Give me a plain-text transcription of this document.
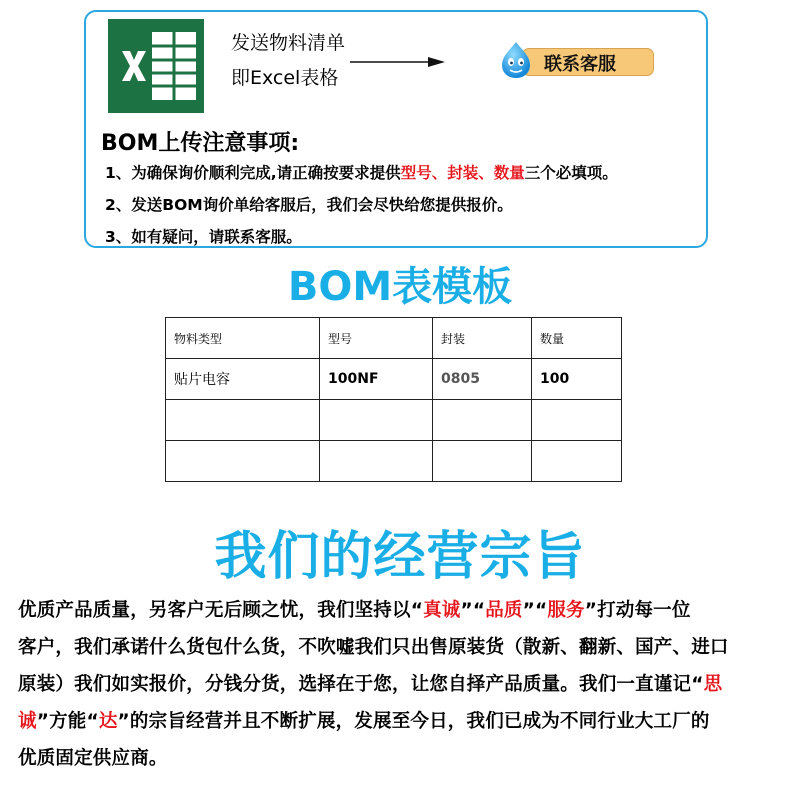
发送物料清单
即Excel表格
联系客服
BOM上传注意事项:
1、为确保询价顺利完成,请正确按要求提供型号、封装、数量三个必填项。
2、发送BOM询价单给客服后，我们会尽快给您提供报价。
3、如有疑问，请联系客服。
BOM表模板
物料类型	型号	封装	数量
贴片电容	100NF	0805	100

我们的经营宗旨
优质产品质量，另客户无后顾之忧，我们坚持以“真诚”“品质”“服务”打动每一位
客户，我们承诺什么货包什么货，不吹嘘我们只出售原装货（散新、翻新、国产、进口
原装）我们如实报价，分钱分货，选择在于您，让您自择产品质量。我们一直谨记“思
诚”方能“达”的宗旨经营并且不断扩展，发展至今日，我们已成为不同行业大工厂的
优质固定供应商。
